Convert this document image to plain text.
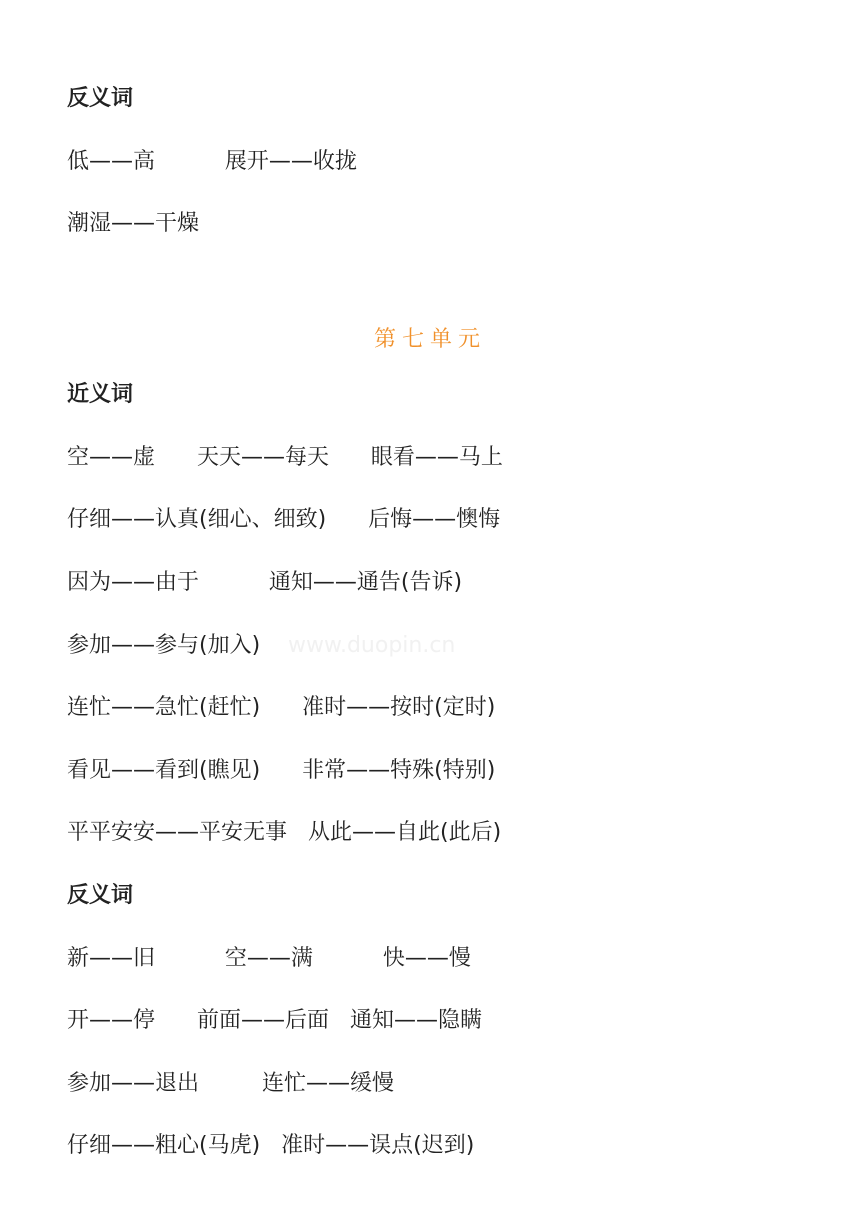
反义词
低——高          展开——收拢
潮湿——干燥
第七单元
近义词
空——虚      天天——每天      眼看——马上
仔细——认真(细心、细致)      后悔——懊悔
因为——由于          通知——通告(告诉)
www.duopin.cn
参加——参与(加入)
连忙——急忙(赶忙)      准时——按时(定时)
看见——看到(瞧见)      非常——特殊(特别)
平平安安——平安无事   从此——自此(此后)
反义词
新——旧          空——满          快——慢
开——停      前面——后面   通知——隐瞒
参加——退出         连忙——缓慢
仔细——粗心(马虎)   准时——误点(迟到)
